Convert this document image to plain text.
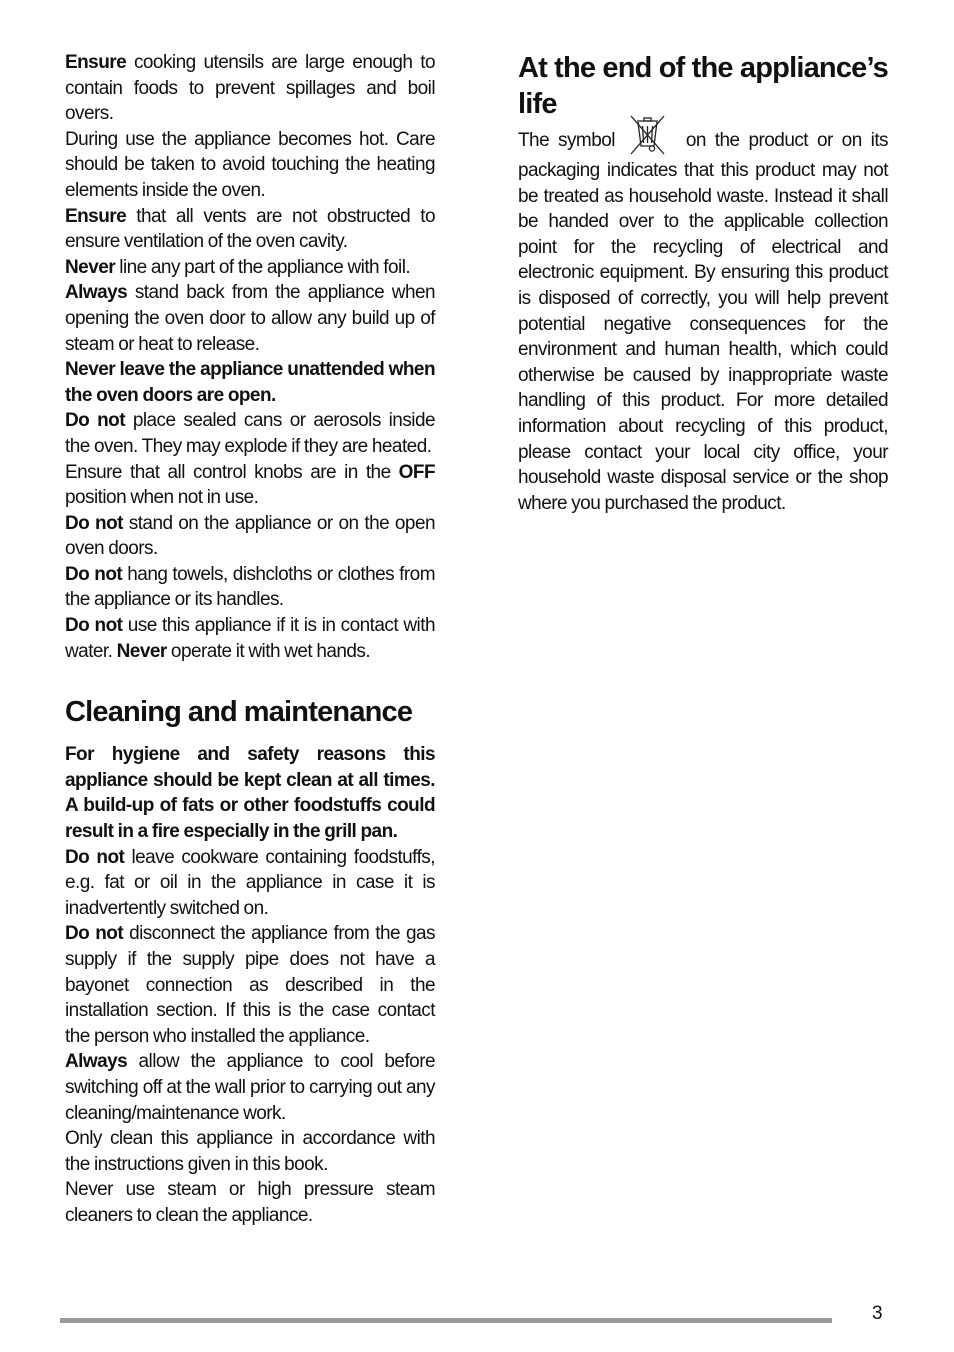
Ensure cooking utensils are large enough to contain foods to prevent spillages and boil overs.

During use the appliance becomes hot. Care should be taken to avoid touching the heating elements inside the oven.

Ensure that all vents are not obstructed to ensure ventilation of the oven cavity.

Never line any part of the appliance with foil.

Always stand back from the appliance when opening the oven door to allow any build up of steam or heat to release.

Never leave the appliance unattended when the oven doors are open.

Do not place sealed cans or aerosols inside the oven. They may explode if they are heated.

Ensure that all control knobs are in the OFF position when not in use.

Do not stand on the appliance or on the open oven doors.

Do not hang towels, dishcloths or clothes from the appliance or its handles.

Do not use this appliance if it is in contact with water. Never operate it with wet hands.

Cleaning and maintenance

For hygiene and safety reasons this appliance should be kept clean at all times. A build-up of fats or other foodstuffs could result in a fire especially in the grill pan.

Do not leave cookware containing foodstuffs, e.g. fat or oil in the appliance in case it is inadvertently switched on.

Do not disconnect the appliance from the gas supply if the supply pipe does not have a bayonet connection as described in the installation section. If this is the case contact the person who installed the appliance.

Always allow the appliance to cool before switching off at the wall prior to carrying out any cleaning/maintenance work.

Only clean this appliance in accordance with the instructions given in this book.

Never use steam or high pressure steam cleaners to clean the appliance.

At the end of the appliance’s
life

The symbol	on the product or on its packaging indicates that this product may not be treated as household waste. Instead it shall be handed over to the applicable collection point for the recycling of electrical and electronic equipment. By ensuring this product is disposed of correctly, you will help prevent potential negative consequences for the environment and human health, which could otherwise be caused by inappropriate waste handling of this product. For more detailed information about recycling of this product, please contact your local city office, your household waste disposal service or the shop where you purchased the product.

3
